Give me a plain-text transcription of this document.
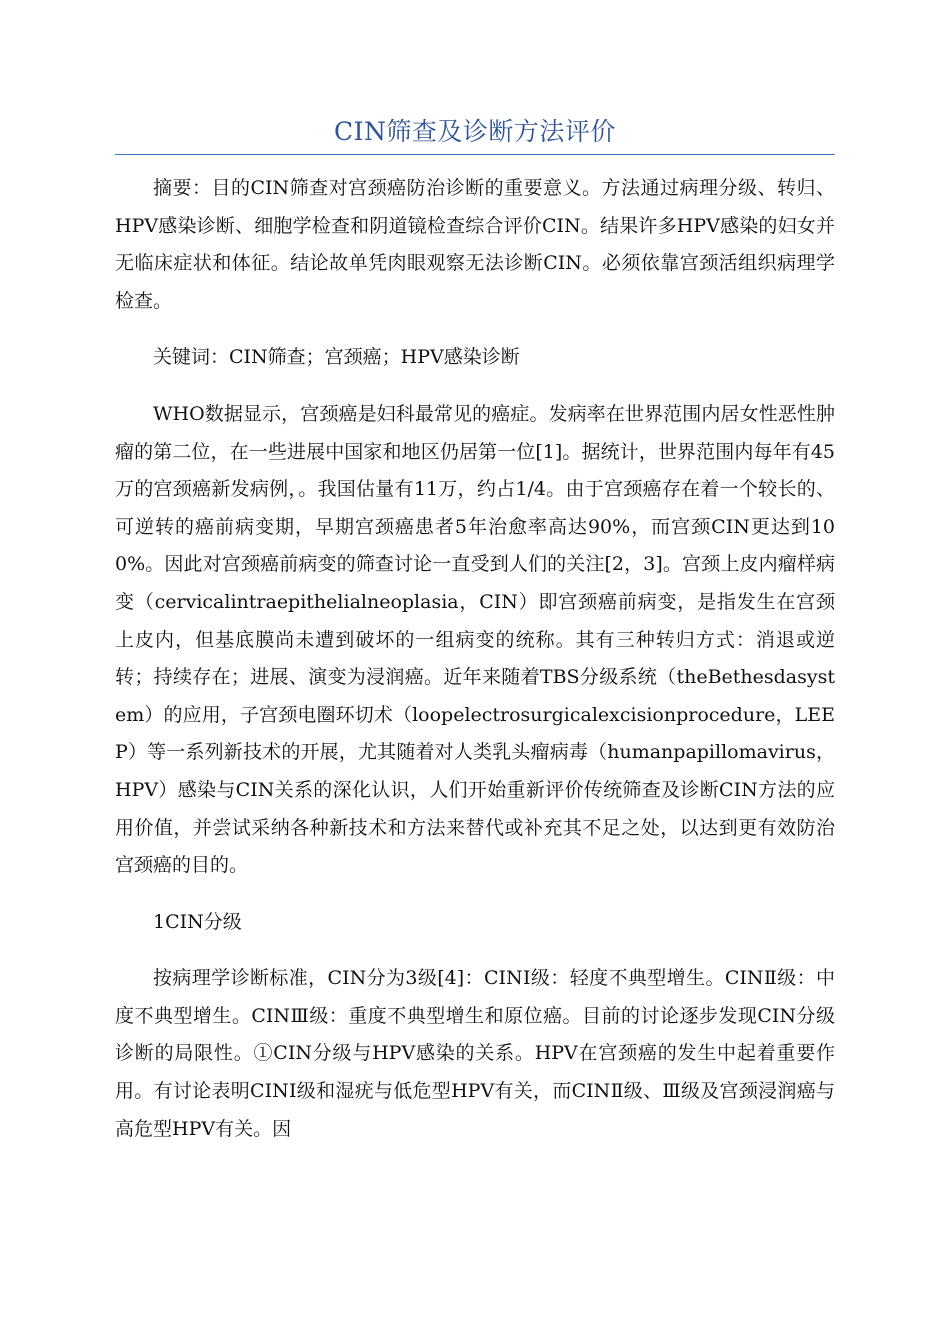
CIN筛查及诊断方法评价

摘要：目的CIN筛查对宫颈癌防治诊断的重要意义。方法通过病理分级、转归、HPV感染诊断、细胞学检查和阴道镜检查综合评价CIN。结果许多HPV感染的妇女并无临床症状和体征。结论故单凭肉眼观察无法诊断CIN。必须依靠宫颈活组织病理学检查。

关键词：CIN筛查；宫颈癌；HPV感染诊断

WHO数据显示，宫颈癌是妇科最常见的癌症。发病率在世界范围内居女性恶性肿瘤的第二位，在一些进展中国家和地区仍居第一位[1]。据统计，世界范围内每年有45万的宫颈癌新发病例，。我国估量有11万，约占1/4。由于宫颈癌存在着一个较长的、可逆转的癌前病变期，早期宫颈癌患者5年治愈率高达90%，而宫颈CIN更达到100%。因此对宫颈癌前病变的筛查讨论一直受到人们的关注[2，3]。宫颈上皮内瘤样病变（cervicalintraepithelialneoplasia，CIN）即宫颈癌前病变，是指发生在宫颈上皮内，但基底膜尚未遭到破坏的一组病变的统称。其有三种转归方式：消退或逆转；持续存在；进展、演变为浸润癌。近年来随着TBS分级系统（theBethesdasystem）的应用，子宫颈电圈环切术（loopelectrosurgicalexcisionprocedure，LEEP）等一系列新技术的开展，尤其随着对人类乳头瘤病毒（humanpapillomavirus，HPV）感染与CIN关系的深化认识，人们开始重新评价传统筛查及诊断CIN方法的应用价值，并尝试采纳各种新技术和方法来替代或补充其不足之处，以达到更有效防治宫颈癌的目的。

1CIN分级

按病理学诊断标准，CIN分为3级[4]：CINⅠ级：轻度不典型增生。CINⅡ级：中度不典型增生。CINⅢ级：重度不典型增生和原位癌。目前的讨论逐步发现CIN分级诊断的局限性。①CIN分级与HPV感染的关系。HPV在宫颈癌的发生中起着重要作用。有讨论表明CINⅠ级和湿疣与低危型HPV有关，而CINⅡ级、Ⅲ级及宫颈浸润癌与高危型HPV有关。因
